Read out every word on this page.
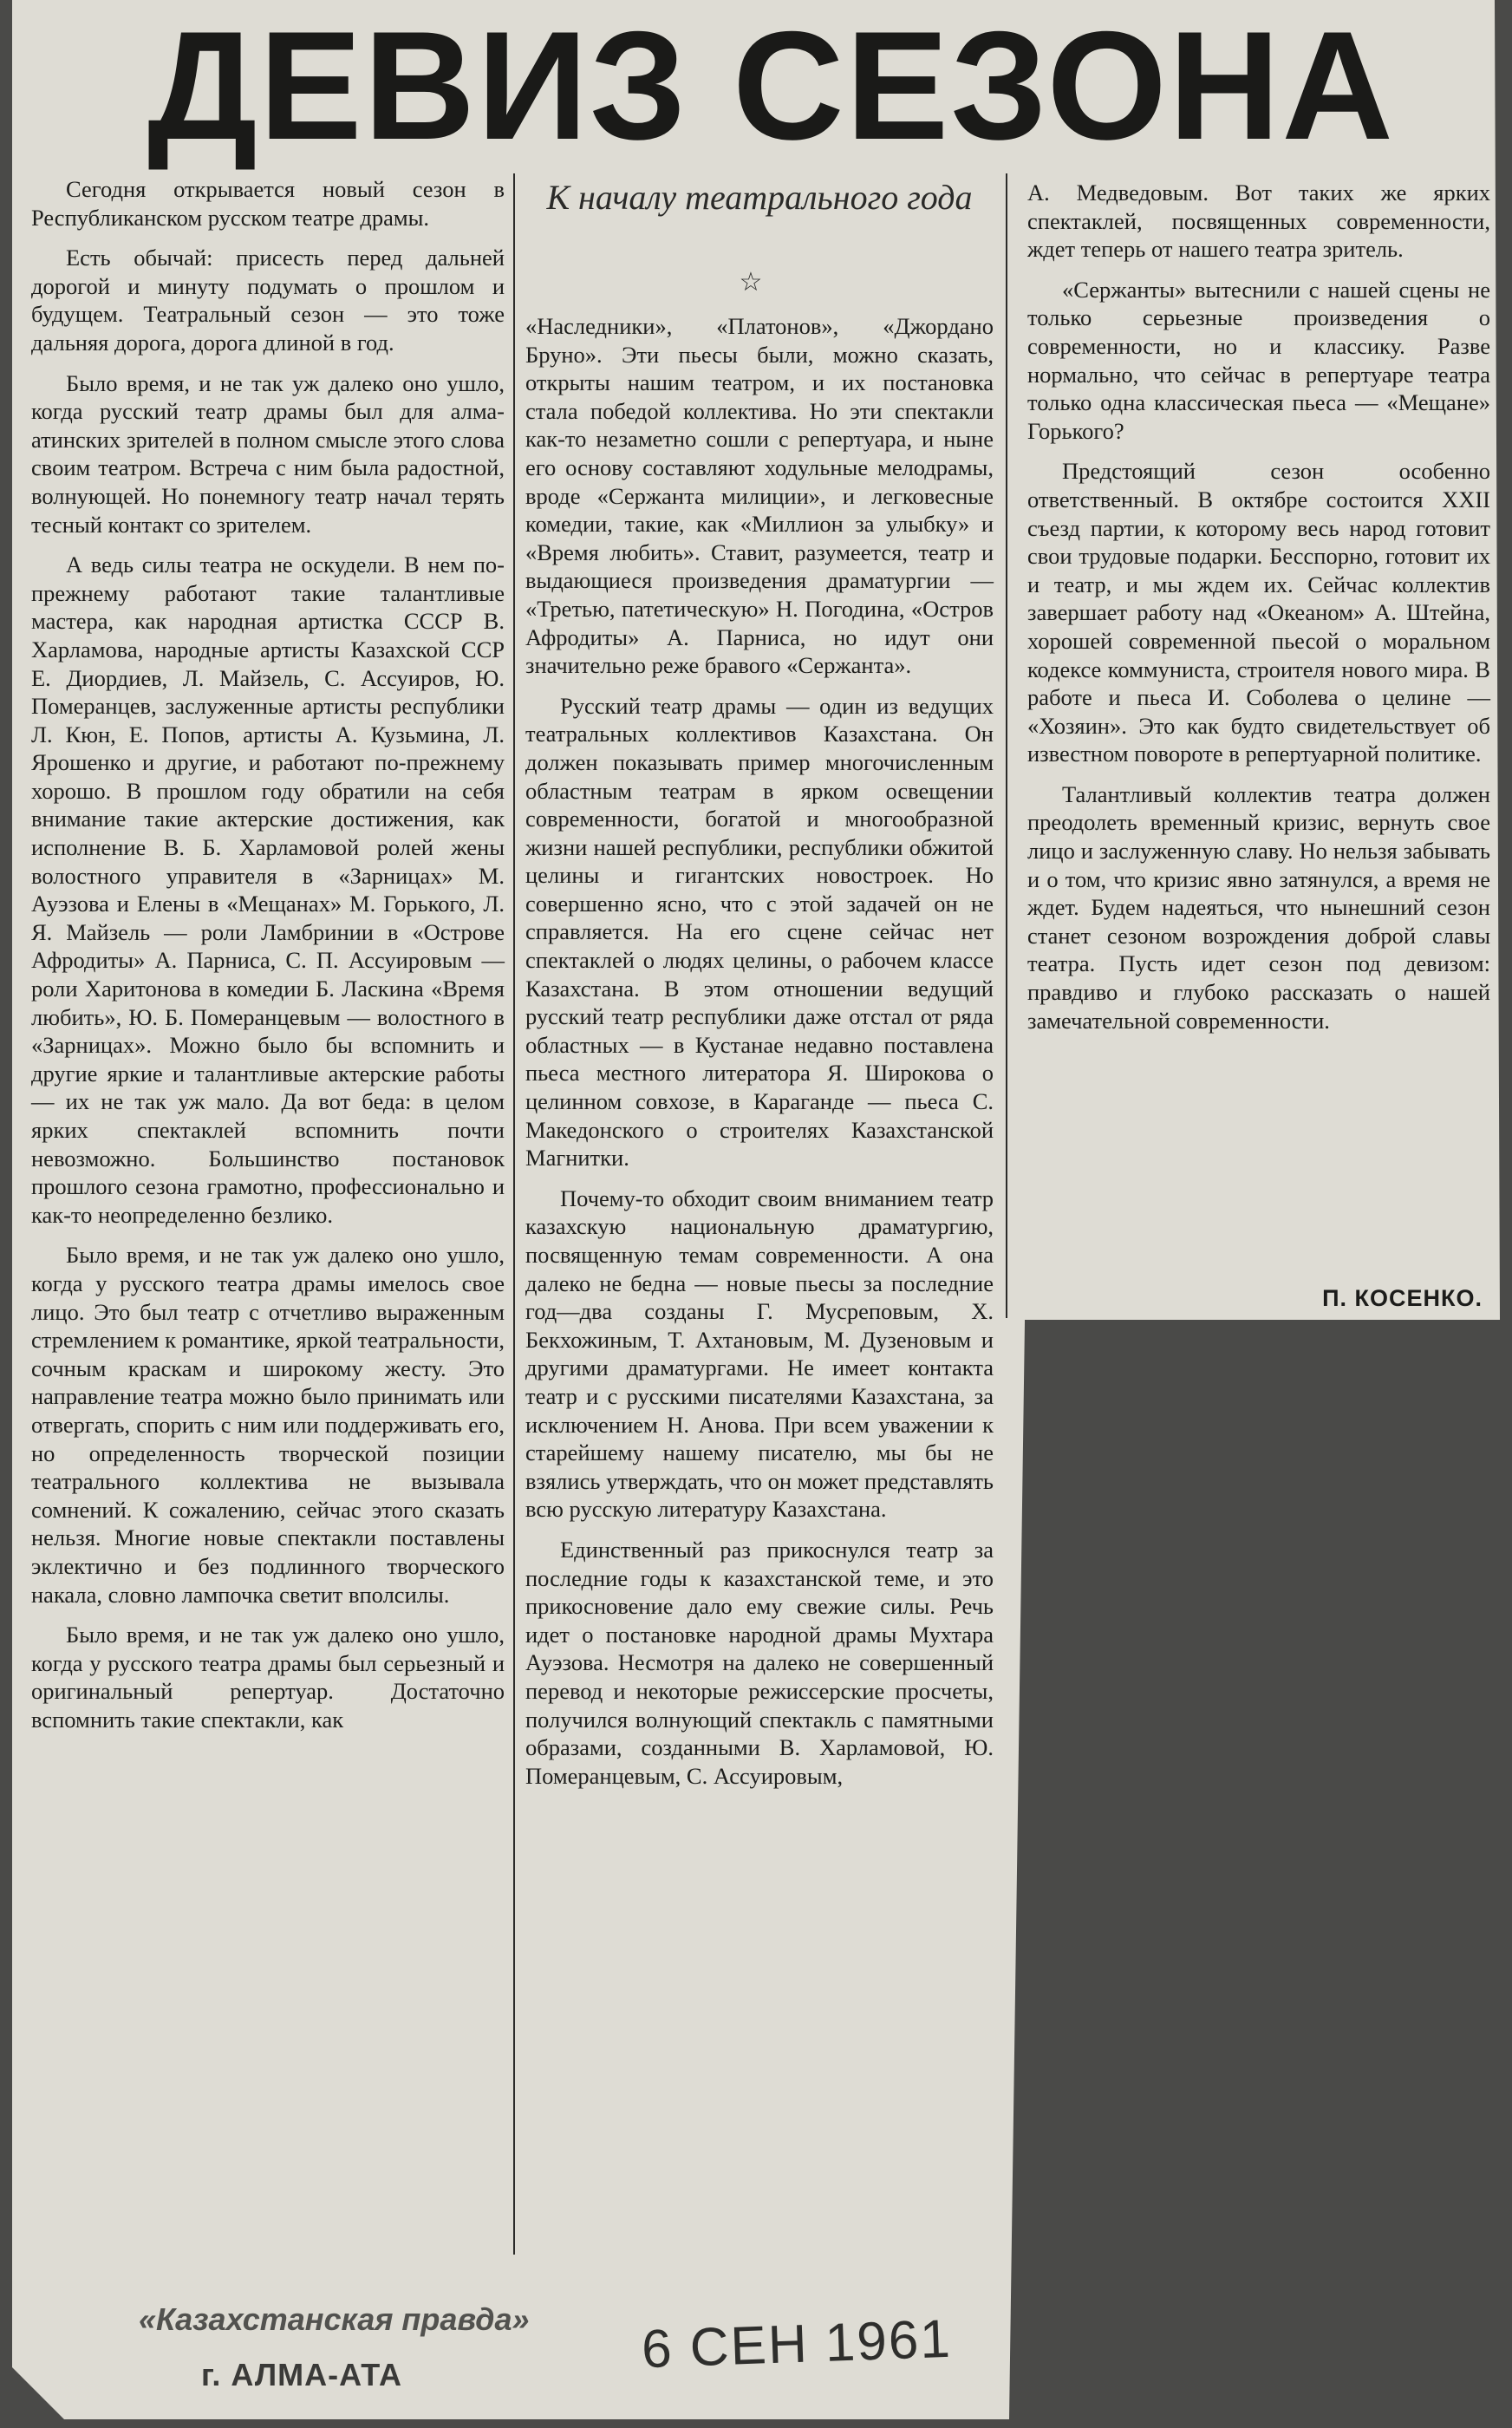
ДЕВИЗ СЕЗОНА

Сегодня открывается новый сезон в Республиканском русском театре драмы.

Есть обычай: присесть перед дальней дорогой и минуту подумать о прошлом и будущем. Театральный сезон — это тоже дальняя дорога, дорога длиной в год.

Было время, и не так уж далеко оно ушло, когда русский театр драмы был для алма-атинских зрителей в полном смысле этого слова своим театром. Встреча с ним была радостной, волнующей. Но понемногу театр начал терять тесный контакт со зрителем.

А ведь силы театра не оскудели. В нем по-прежнему работают такие талантливые мастера, как народная артистка СССР В. Харламова, народные артисты Казахской ССР Е. Диордиев, Л. Майзель, С. Ассуиров, Ю. Померанцев, заслуженные артисты республики Л. Кюн, Е. Попов, артисты А. Кузьмина, Л. Ярошенко и другие, и работают по-прежнему хорошо. В прошлом году обратили на себя внимание такие актерские достижения, как исполнение В. Б. Харламовой ролей жены волостного управителя в «Зарницах» М. Ауэзова и Елены в «Мещанах» М. Горького, Л. Я. Майзель — роли Ламбринии в «Острове Афродиты» А. Парниса, С. П. Ассуировым — роли Харитонова в комедии Б. Ласкина «Время любить», Ю. Б. Померанцевым — волостного в «Зарницах». Можно было бы вспомнить и другие яркие и талантливые актерские работы — их не так уж мало. Да вот беда: в целом ярких спектаклей вспомнить почти невозможно. Большинство постановок прошлого сезона грамотно, профессионально и как-то неопределенно безлико.

Было время, и не так уж далеко оно ушло, когда у русского театра драмы имелось свое лицо. Это был театр с отчетливо выраженным стремлением к романтике, яркой театральности, сочным краскам и широкому жесту. Это направление театра можно было принимать или отвергать, спорить с ним или поддерживать его, но определенность творческой позиции театрального коллектива не вызывала сомнений. К сожалению, сейчас этого сказать нельзя. Многие новые спектакли поставлены эклектично и без подлинного творческого накала, словно лампочка светит вполсилы.

Было время, и не так уж далеко оно ушло, когда у русского театра драмы был серьезный и оригинальный репертуар. Достаточно вспомнить такие спектакли, как

К началу театрального года
☆

«Наследники», «Платонов», «Джордано Бруно». Эти пьесы были, можно сказать, открыты нашим театром, и их постановка стала победой коллектива. Но эти спектакли как-то незаметно сошли с репертуара, и ныне его основу составляют ходульные мелодрамы, вроде «Сержанта милиции», и легковесные комедии, такие, как «Миллион за улыбку» и «Время любить». Ставит, разумеется, театр и выдающиеся произведения драматургии — «Третью, патетическую» Н. Погодина, «Остров Афродиты» А. Парниса, но идут они значительно реже бравого «Сержанта».

Русский театр драмы — один из ведущих театральных коллективов Казахстана. Он должен показывать пример многочисленным областным театрам в ярком освещении современности, богатой и многообразной жизни нашей республики, республики обжитой целины и гигантских новостроек. Но совершенно ясно, что с этой задачей он не справляется. На его сцене сейчас нет спектаклей о людях целины, о рабочем классе Казахстана. В этом отношении ведущий русский театр республики даже отстал от ряда областных — в Кустанае недавно поставлена пьеса местного литератора Я. Широкова о целинном совхозе, в Караганде — пьеса С. Македонского о строителях Казахстанской Магнитки.

Почему-то обходит своим вниманием театр казахскую национальную драматургию, посвященную темам современности. А она далеко не бедна — новые пьесы за последние год—два созданы Г. Мусреповым, Х. Бекхожиным, Т. Ахтановым, М. Дузеновым и другими драматургами. Не имеет контакта театр и с русскими писателями Казахстана, за исключением Н. Анова. При всем уважении к старейшему нашему писателю, мы бы не взялись утверждать, что он может представлять всю русскую литературу Казахстана.

Единственный раз прикоснулся театр за последние годы к казахстанской теме, и это прикосновение дало ему свежие силы. Речь идет о постановке народной драмы Мухтара Ауэзова. Несмотря на далеко не совершенный перевод и некоторые режиссерские просчеты, получился волнующий спектакль с памятными образами, созданными В. Харламовой, Ю. Померанцевым, С. Ассуировым,

А. Медведовым. Вот таких же ярких спектаклей, посвященных современности, ждет теперь от нашего театра зритель.

«Сержанты» вытеснили с нашей сцены не только серьезные произведения о современности, но и классику. Разве нормально, что сейчас в репертуаре театра только одна классическая пьеса — «Мещане» Горького?

Предстоящий сезон особенно ответственный. В октябре состоится XXII съезд партии, к которому весь народ готовит свои трудовые подарки. Бесспорно, готовит их и театр, и мы ждем их. Сейчас коллектив завершает работу над «Океаном» А. Штейна, хорошей современной пьесой о моральном кодексе коммуниста, строителя нового мира. В работе и пьеса И. Соболева о целине — «Хозяин». Это как будто свидетельствует об известном повороте в репертуарной политике.

Талантливый коллектив театра должен преодолеть временный кризис, вернуть свое лицо и заслуженную славу. Но нельзя забывать и о том, что кризис явно затянулся, а время не ждет. Будем надеяться, что нынешний сезон станет сезоном возрождения доброй славы театра. Пусть идет сезон под девизом: правдиво и глубоко рассказать о нашей замечательной современности.

П. КОСЕНКО.
«Казахстанская правда»
г. АЛМА-АТА	6 СЕН 1961
